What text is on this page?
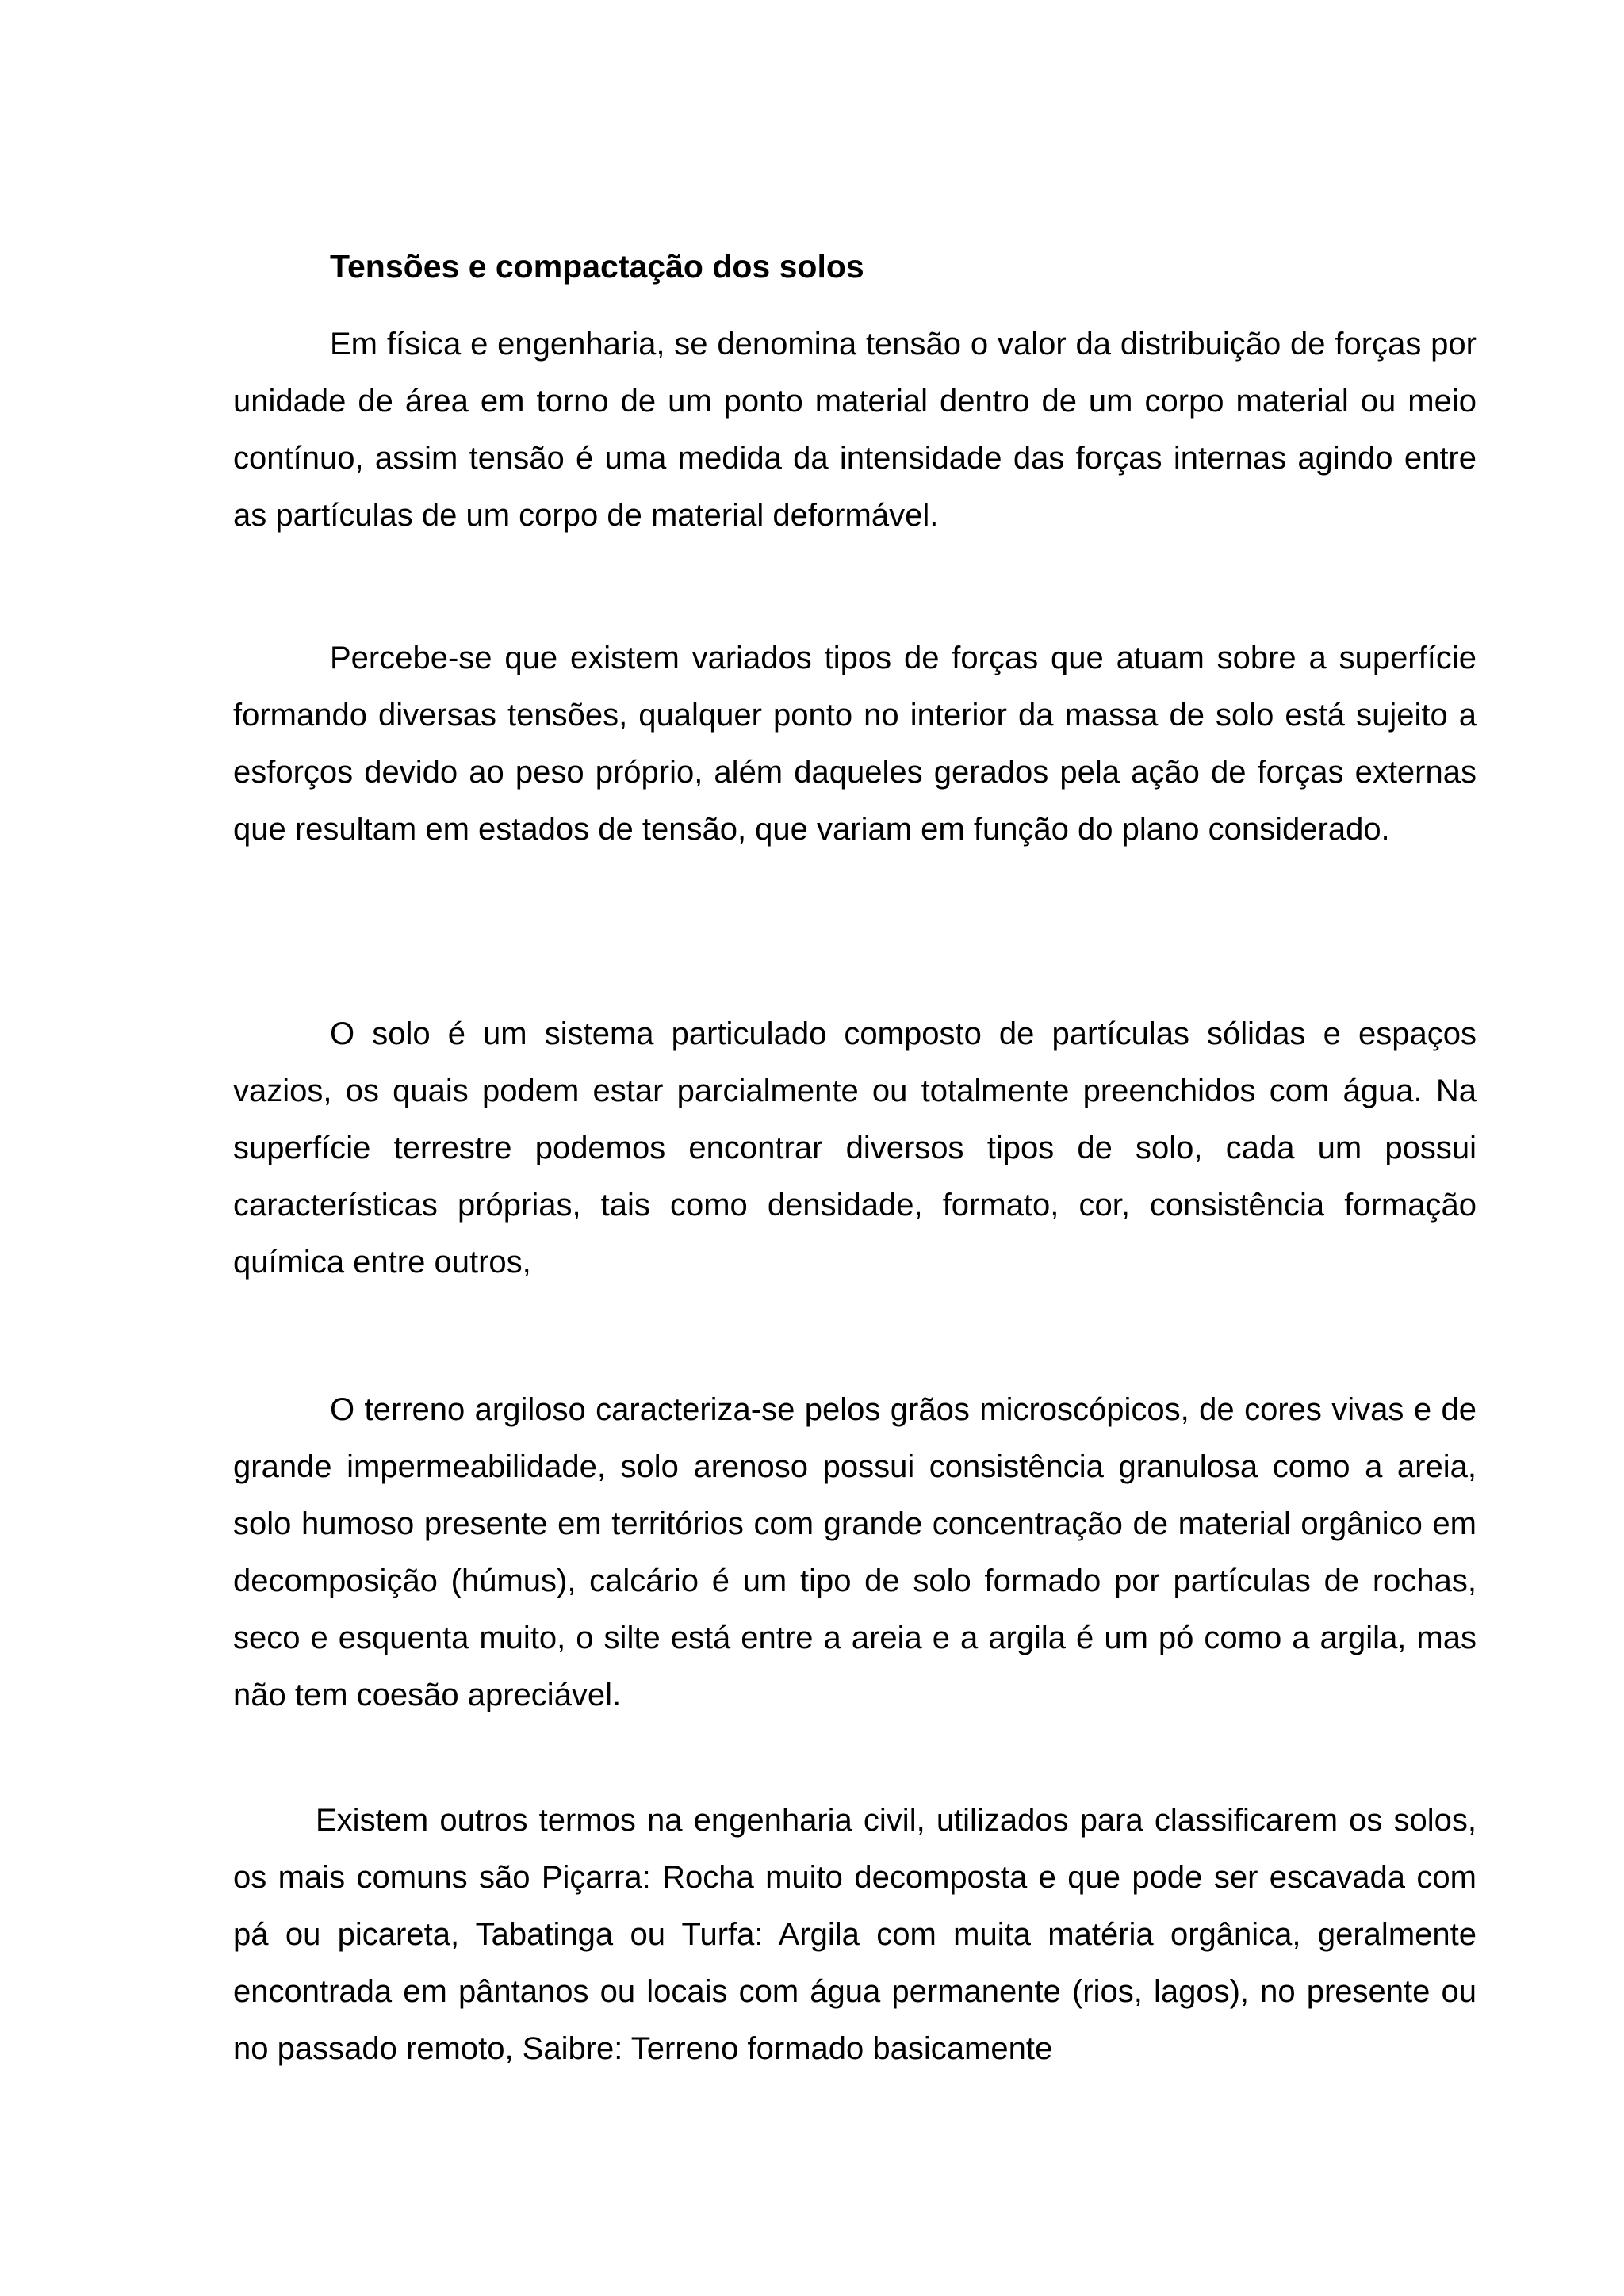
Tensões e compactação dos solos

Em física e engenharia, se denomina tensão o valor da distribuição de forças por unidade de área em torno de um ponto material dentro de um corpo material ou meio contínuo, assim tensão é uma medida da intensidade das forças internas agindo entre as partículas de um corpo de material deformável.

Percebe-se que existem variados tipos de forças que atuam sobre a superfície formando diversas tensões, qualquer ponto no interior da massa de solo está sujeito a esforços devido ao peso próprio, além daqueles gerados pela ação de forças externas que resultam em estados de tensão, que variam em função do plano considerado.

O solo é um sistema particulado composto de partículas sólidas e espaços vazios, os quais podem estar parcialmente ou totalmente preenchidos com água. Na superfície terrestre podemos encontrar diversos tipos de solo, cada um possui características próprias, tais como densidade, formato, cor, consistência formação química entre outros,

O terreno argiloso caracteriza-se pelos grãos microscópicos, de cores vivas e de grande impermeabilidade, solo arenoso possui consistência granulosa como a areia, solo humoso presente em territórios com grande concentração de material orgânico em decomposição (húmus), calcário é um tipo de solo formado por partículas de rochas, seco e esquenta muito, o silte está entre a areia e a argila é um pó como a argila, mas não tem coesão apreciável.

Existem outros termos na engenharia civil, utilizados para classificarem os solos, os mais comuns são Piçarra: Rocha muito decomposta e que pode ser escavada com pá ou picareta, Tabatinga ou Turfa: Argila com muita matéria orgânica, geralmente encontrada em pântanos ou locais com água permanente (rios, lagos), no presente ou no passado remoto, Saibre: Terreno formado basicamente
